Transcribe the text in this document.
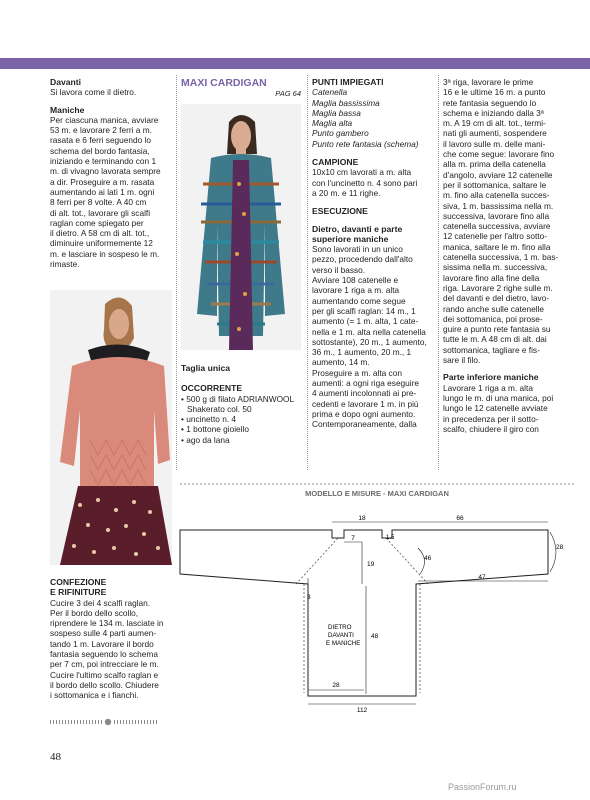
Davanti

Si lavora come il dietro.

Maniche

Per ciascuna manica, avviare

53 m. e lavorare 2 ferri a m.

rasata e 6 ferri seguendo lo

schema del bordo fantasia,

iniziando e terminando con 1

m. di vivagno lavorata sempre

a dir. Proseguire a m. rasata

aumentando ai lati 1 m. ogni

8 ferri per 8 volte. A 40 cm

di alt. tot., lavorare gli scalfi

raglan come spiegato per

il dietro. A 58 cm di alt. tot.,

diminuire uniformemente 12

m. e lasciare in sospeso le m.

rimaste.

CONFEZIONE

E RIFINITURE

Cucire 3 dei 4 scalfi raglan.

Per il bordo dello scollo,

riprendere le 134 m. lasciate in

sospeso sulle 4 parti aumen-

tando 1 m. Lavorare il bordo

fantasia seguendo lo schema

per 7 cm, poi intrecciare le m.

Cucire l'ultimo scalfo raglan e

il bordo dello scollo. Chiudere

i sottomanica e i fianchi.

MAXI CARDIGAN

PAG 64

Taglia unica

OCCORRENTE

• 500 g di filato ADRIANWOOL Shakerato col. 50

• uncinetto n. 4

• 1 bottone gioiello

• ago da lana

PUNTI IMPIEGATI

Catenella

Maglia bassissima

Maglia bassa

Maglia alta

Punto gambero

Punto rete fantasia (schema)

CAMPIONE

10x10 cm lavorati a m. alta

con l'uncinetto n. 4 sono pari

a 20 m. e 11 righe.

ESECUZIONE

Dietro, davanti e parte

superiore maniche

Sono lavorati in un unico

pezzo, procedendo dall'alto

verso il basso.

Avviare 108 catenelle e

lavorare 1 riga a m. alta

aumentando come segue

per gli scalfi raglan: 14 m., 1

aumento (= 1 m. alta, 1 cate-

nella e 1 m. alta nella catenella

sottostante), 20 m., 1 aumento,

36 m., 1 aumento, 20 m., 1

aumento, 14 m.

Proseguire a m. alta con

aumenti: a ogni riga eseguire

4 aumenti incolonnati ai pre-

cedenti e lavorare 1 m. in più

prima e dopo ogni aumento.

Contemporaneamente, dalla

3ª riga, lavorare le prime

16 e le ultime 16 m. a punto

rete fantasia seguendo lo

schema e iniziando dalla 3ª

m. A 19 cm di alt. tot., termi-

nati gli aumenti, sospendere

il lavoro sulle m. delle mani-

che come segue: lavorare fino

alla m. prima della catenella

d'angolo, avviare 12 catenelle

per il sottomanica, saltare le

m. fino alla catenella succes-

siva, 1 m. bassissima nella m.

successiva, lavorare fino alla

catenella successiva, avviare

12 catenelle per l'altro sotto-

manica, saltare le m. fino alla

catenella successiva, 1 m. bas-

sissima nella m. successiva,

lavorare fino alla fine della

riga. Lavorare 2 righe sulle m.

del davanti e del dietro, lavo-

rando anche sulle catenelle

dei sottomanica, poi prose-

guire a punto rete fantasia su

tutte le m. A 48 cm di alt. dai

sottomanica, tagliare e fis-

sare il filo.

Parte inferiore maniche

Lavorare 1 riga a m. alta

lungo le m. di una manica, poi

lungo le 12 catenelle avviate

in precedenza per il sotto-

scalfo, chiudere il giro con

MODELLO E MISURE - MAXI CARDIGAN
18	66
7	1.5
46
28
19
47
3
DIETRO
DAVANTI
E MANICHE
48
28
112
48
PassionForum.ru
